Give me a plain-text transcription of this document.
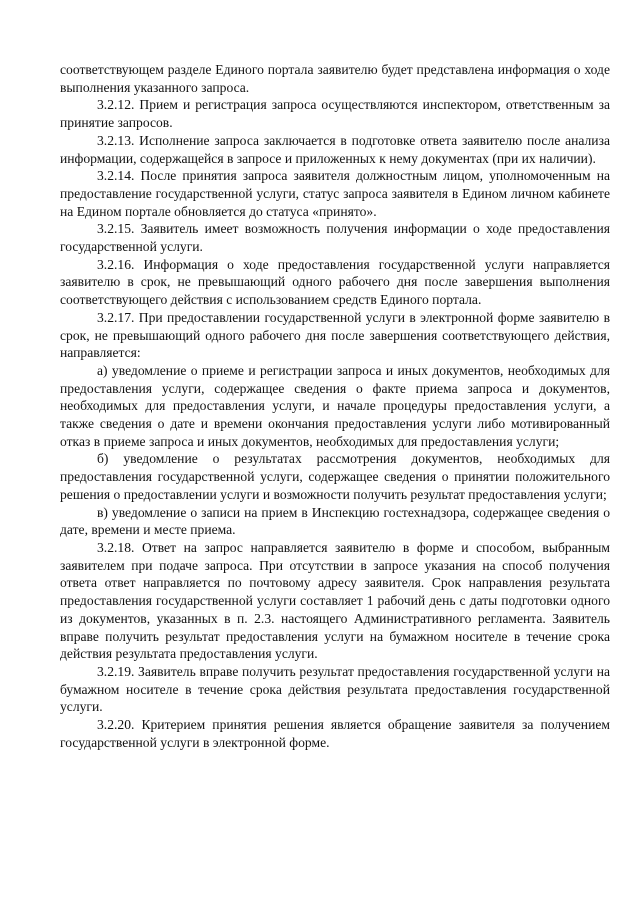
соответствующем разделе Единого портала заявителю будет представлена информация о ходе выполнения указанного запроса.

3.2.12. Прием и регистрация запроса осуществляются инспектором, ответственным за принятие запросов.

3.2.13. Исполнение запроса заключается в подготовке ответа заявителю после анализа информации, содержащейся в запросе и приложенных к нему документах (при их наличии).

3.2.14. После принятия запроса заявителя должностным лицом, уполномоченным на предоставление государственной услуги, статус запроса заявителя в Едином личном кабинете на Едином портале обновляется до статуса «принято».

3.2.15. Заявитель имеет возможность получения информации о ходе предоставления государственной услуги.

3.2.16. Информация о ходе предоставления государственной услуги направляется заявителю в срок, не превышающий одного рабочего дня после завершения выполнения соответствующего действия с использованием средств Единого портала.

3.2.17. При предоставлении государственной услуги в электронной форме заявителю в срок, не превышающий одного рабочего дня после завершения соответствующего действия, направляется:

а) уведомление о приеме и регистрации запроса и иных документов, необходимых для предоставления услуги, содержащее сведения о факте приема запроса и документов, необходимых для предоставления услуги, и начале процедуры предоставления услуги, а также сведения о дате и времени окончания предоставления услуги либо мотивированный отказ в приеме запроса и иных документов, необходимых для предоставления услуги;

б) уведомление о результатах рассмотрения документов, необходимых для предоставления государственной услуги, содержащее сведения о принятии положительного решения о предоставлении услуги и возможности получить результат предоставления услуги;

в) уведомление о записи на прием в Инспекцию гостехнадзора, содержащее сведения о дате, времени и месте приема.

3.2.18. Ответ на запрос направляется заявителю в форме и способом, выбранным заявителем при подаче запроса. При отсутствии в запросе указания на способ получения ответа ответ направляется по почтовому адресу заявителя. Срок направления результата предоставления государственной услуги составляет 1 рабочий день с даты подготовки одного из документов, указанных в п. 2.3. настоящего Административного регламента. Заявитель вправе получить результат предоставления услуги на бумажном носителе в течение срока действия результата предоставления услуги.

3.2.19. Заявитель вправе получить результат предоставления государственной услуги на бумажном носителе в течение срока действия результата предоставления государственной услуги.

3.2.20. Критерием принятия решения является обращение заявителя за получением государственной услуги в электронной форме.
